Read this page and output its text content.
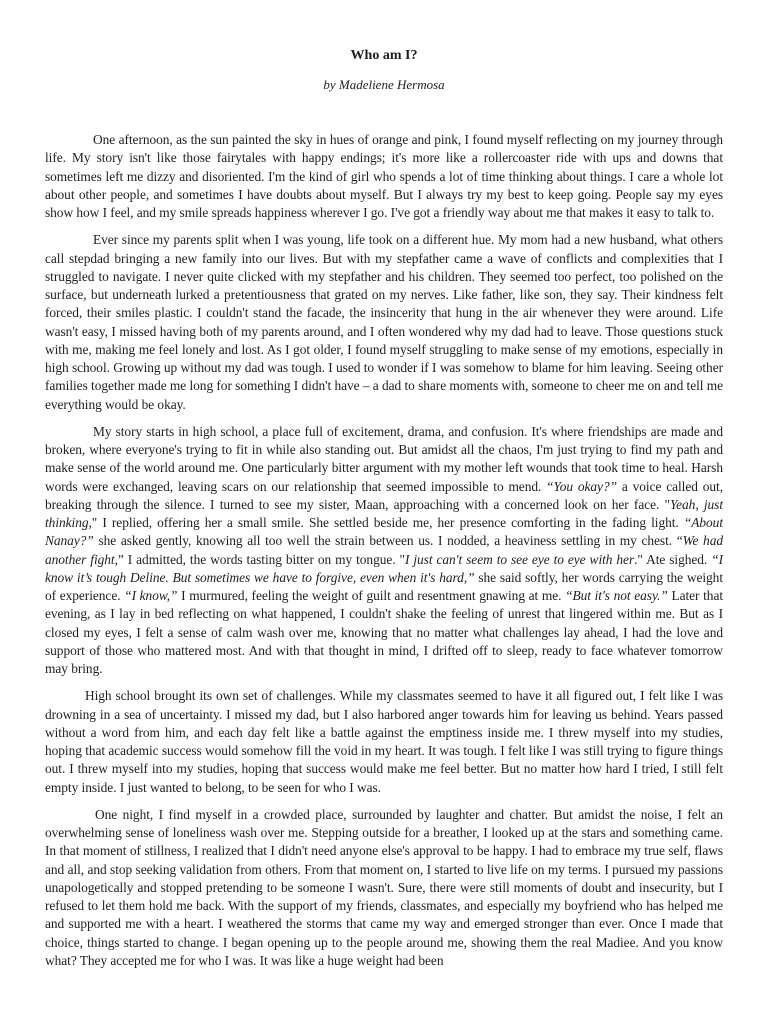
Who am I?
by Madeliene Hermosa

One afternoon, as the sun painted the sky in hues of orange and pink, I found myself reflecting on my journey through life. My story isn't like those fairytales with happy endings; it's more like a rollercoaster ride with ups and downs that sometimes left me dizzy and disoriented. I'm the kind of girl who spends a lot of time thinking about things. I care a whole lot about other people, and sometimes I have doubts about myself. But I always try my best to keep going. People say my eyes show how I feel, and my smile spreads happiness wherever I go. I've got a friendly way about me that makes it easy to talk to.

Ever since my parents split when I was young, life took on a different hue. My mom had a new husband, what others call stepdad bringing a new family into our lives. But with my stepfather came a wave of conflicts and complexities that I struggled to navigate. I never quite clicked with my stepfather and his children. They seemed too perfect, too polished on the surface, but underneath lurked a pretentiousness that grated on my nerves. Like father, like son, they say. Their kindness felt forced, their smiles plastic. I couldn't stand the facade, the insincerity that hung in the air whenever they were around. Life wasn't easy, I missed having both of my parents around, and I often wondered why my dad had to leave. Those questions stuck with me, making me feel lonely and lost. As I got older, I found myself struggling to make sense of my emotions, especially in high school. Growing up without my dad was tough. I used to wonder if I was somehow to blame for him leaving. Seeing other families together made me long for something I didn't have – a dad to share moments with, someone to cheer me on and tell me everything would be okay.

My story starts in high school, a place full of excitement, drama, and confusion. It's where friendships are made and broken, where everyone's trying to fit in while also standing out. But amidst all the chaos, I'm just trying to find my path and make sense of the world around me. One particularly bitter argument with my mother left wounds that took time to heal. Harsh words were exchanged, leaving scars on our relationship that seemed impossible to mend. “You okay?” a voice called out, breaking through the silence. I turned to see my sister, Maan, approaching with a concerned look on her face. "Yeah, just thinking," I replied, offering her a small smile. She settled beside me, her presence comforting in the fading light. “About Nanay?” she asked gently, knowing all too well the strain between us. I nodded, a heaviness settling in my chest. “We had another fight,” I admitted, the words tasting bitter on my tongue. "I just can't seem to see eye to eye with her." Ate sighed. “I know it’s tough Deline. But sometimes we have to forgive, even when it's hard,” she said softly, her words carrying the weight of experience. “I know,” I murmured, feeling the weight of guilt and resentment gnawing at me. “But it's not easy.” Later that evening, as I lay in bed reflecting on what happened, I couldn't shake the feeling of unrest that lingered within me. But as I closed my eyes, I felt a sense of calm wash over me, knowing that no matter what challenges lay ahead, I had the love and support of those who mattered most. And with that thought in mind, I drifted off to sleep, ready to face whatever tomorrow may bring.

High school brought its own set of challenges. While my classmates seemed to have it all figured out, I felt like I was drowning in a sea of uncertainty. I missed my dad, but I also harbored anger towards him for leaving us behind. Years passed without a word from him, and each day felt like a battle against the emptiness inside me. I threw myself into my studies, hoping that academic success would somehow fill the void in my heart. It was tough. I felt like I was still trying to figure things out. I threw myself into my studies, hoping that success would make me feel better. But no matter how hard I tried, I still felt empty inside. I just wanted to belong, to be seen for who I was.

One night, I find myself in a crowded place, surrounded by laughter and chatter. But amidst the noise, I felt an overwhelming sense of loneliness wash over me. Stepping outside for a breather, I looked up at the stars and something came. In that moment of stillness, I realized that I didn't need anyone else's approval to be happy. I had to embrace my true self, flaws and all, and stop seeking validation from others. From that moment on, I started to live life on my terms. I pursued my passions unapologetically and stopped pretending to be someone I wasn't. Sure, there were still moments of doubt and insecurity, but I refused to let them hold me back. With the support of my friends, classmates, and especially my boyfriend who has helped me and supported me with a heart. I weathered the storms that came my way and emerged stronger than ever. Once I made that choice, things started to change. I began opening up to the people around me, showing them the real Madiee. And you know what? They accepted me for who I was. It was like a huge weight had been
